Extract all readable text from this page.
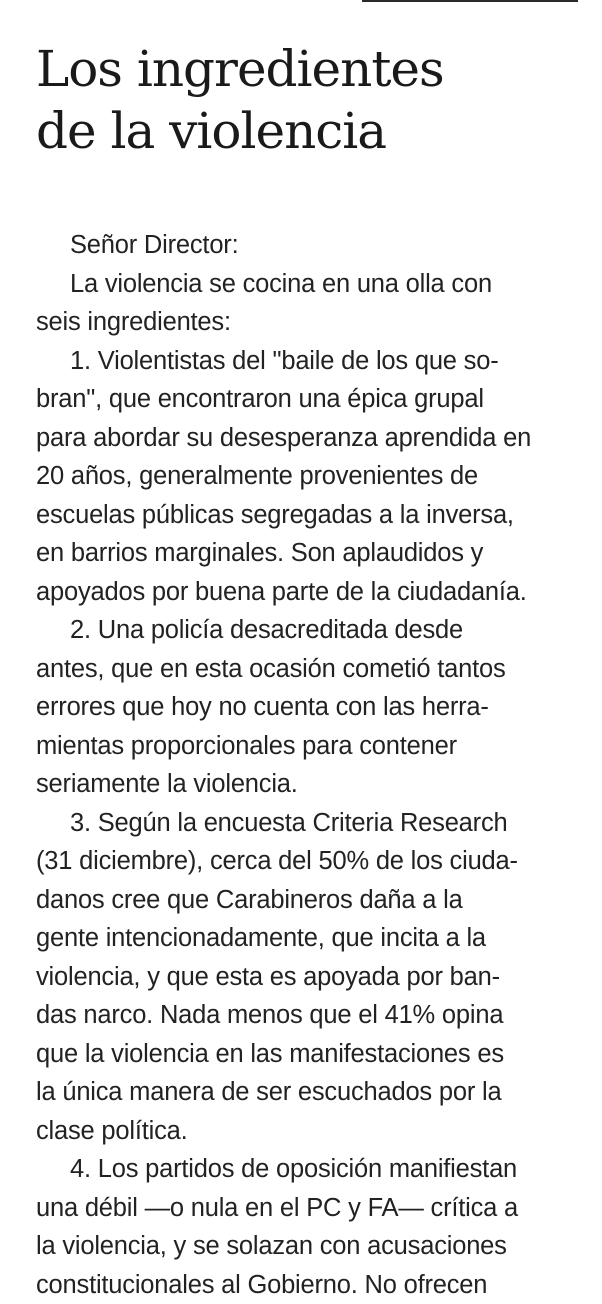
Los ingredientes
de la violencia
Señor Director:
La violencia se cocina en una olla con
seis ingredientes:
1. Violentistas del "baile de los que so-
bran", que encontraron una épica grupal
para abordar su desesperanza aprendida en
20 años, generalmente provenientes de
escuelas públicas segregadas a la inversa,
en barrios marginales. Son aplaudidos y
apoyados por buena parte de la ciudadanía.
2. Una policía desacreditada desde
antes, que en esta ocasión cometió tantos
errores que hoy no cuenta con las herra-
mientas proporcionales para contener
seriamente la violencia.
3. Según la encuesta Criteria Research
(31 diciembre), cerca del 50% de los ciuda-
danos cree que Carabineros daña a la
gente intencionadamente, que incita a la
violencia, y que esta es apoyada por ban-
das narco. Nada menos que el 41% opina
que la violencia en las manifestaciones es
la única manera de ser escuchados por la
clase política.
4. Los partidos de oposición manifiestan
una débil —o nula en el PC y FA— crítica a
la violencia, y se solazan con acusaciones
constitucionales al Gobierno. No ofrecen
